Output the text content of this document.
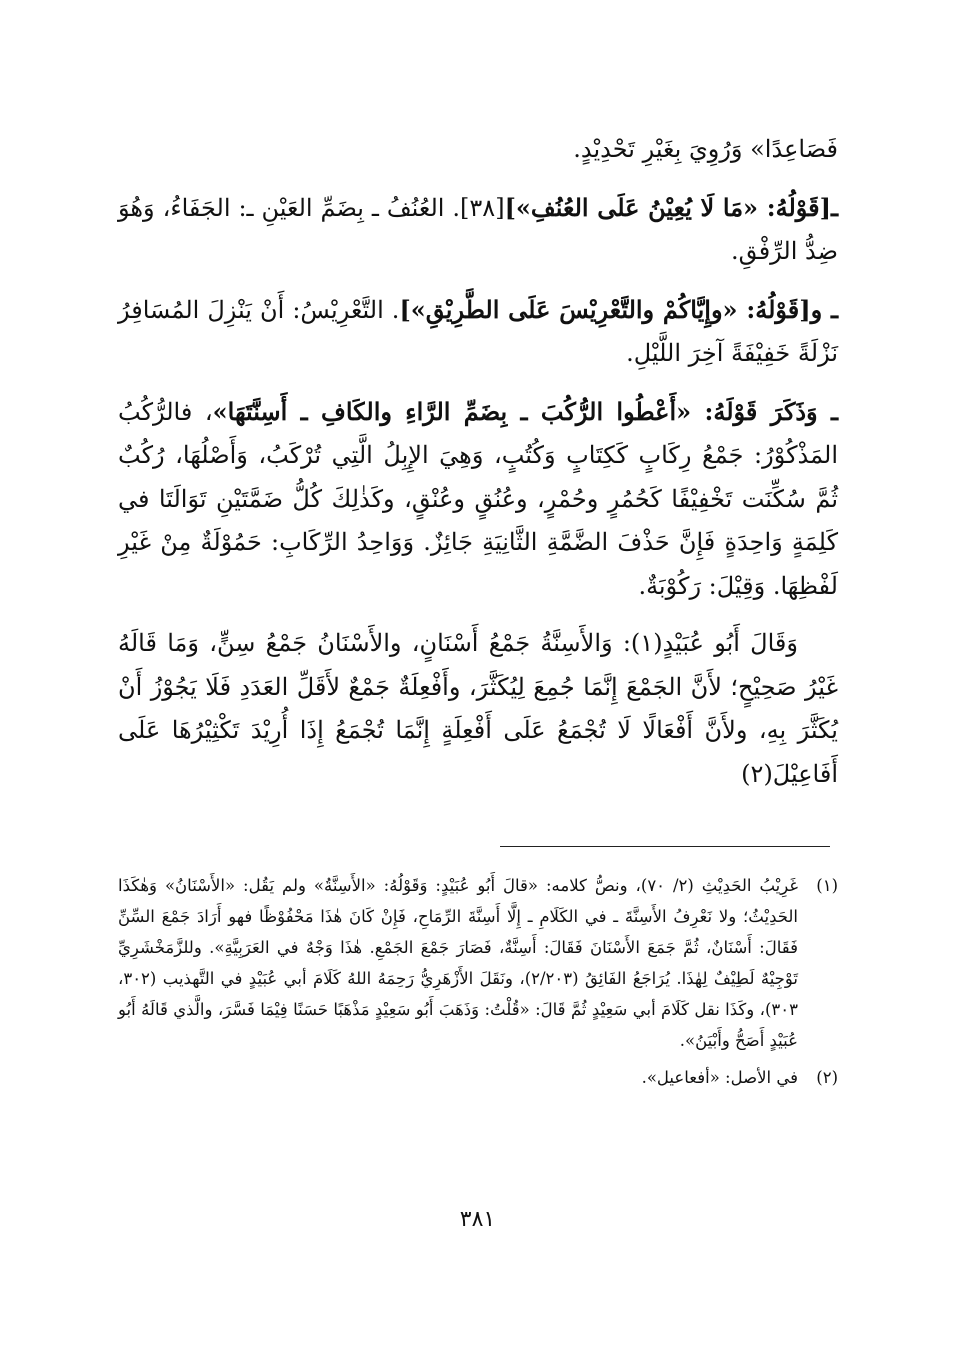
فَصَاعِدًا» وَرُوِيَ بِغَيْرِ تَحْدِيْدٍ.

ـ[قَوْلُهُ: «مَا لَا يُعِيْنُ عَلَى العُنُفِ»][٣٨]. العُنُفُ ـ بِضَمِّ العَيْنِ ـ: الجَفَاءُ، وَهُوَ ضِدُّ الرِّفْقِ.

ـ و[قَوْلُهُ: «وإِيَّاكُمْ والتَّعْرِيْسَ عَلَى الطَّرِيْقِ»]. التَّعْرِيْسُ: أَنْ يَنْزِلَ المُسَافِرُ نَزْلَةً خَفِيْفَةً آخِرَ اللَّيْلِ.

ـ وَذَكَرَ قَوْلَهُ: «أَعْطُوا الرُّكُبَ ـ بِضَمِّ الرَّاءِ والكَافِ ـ أَسِنَّتَهَا»، فالرُّكُبُ المَذْكُوْرُ: جَمْعُ رِكَابٍ كَكِتَابٍ وَكُتُبٍ، وَهِيَ الإِبِلُ الَّتِي تُرْكَبُ، وَأَصْلُهَا، رُكُبٌ ثُمَّ سُكِّنَت تَخْفِيْفًا كَحُمُرٍ وحُمْرٍ، وعُنُقٍ وعُنْقٍ، وكَذٰلِكَ كُلُّ ضَمَّتَيْنِ تَوَالَتَا في كَلِمَةٍ وَاحِدَةٍ فَإِنَّ حَذْفَ الضَّمَّةِ الثَّانِيَةِ جَائِزٌ. وَوَاحِدُ الرِّكَابِ: حَمُوْلَةٌ مِنْ غَيْرِ لَفْظِهَا. وَقِيْلَ: رَكُوْبَةٌ.

وَقَالَ أَبُو عُبَيْدٍ(١): وَالأَسِنَّةُ جَمْعُ أَسْنَانٍ، والأَسْنَانُ جَمْعُ سِنٍّ، وَمَا قَالَهُ غَيْرُ صَحِيْحٍ؛ لأَنَّ الجَمْعَ إِنَّمَا جُمِعَ لِيُكَثَّرَ، وأَفْعِلَةٌ جَمْعٌ لأَقَلِّ العَدَدِ فَلَا يَجُوْزُ أَنْ يُكَثَّرَ بِهِ، ولأَنَّ أَفْعَالًا لَا تُجْمَعُ عَلَى أَفْعِلَةٍ إِنَّمَا تُجْمَعُ إِذَا أُرِيْدَ تَكْثِيْرُهَا عَلَى أَفَاعِيْلَ(٢)

(١)
غَرِيْبُ الحَدِيْثِ (٢/ ٧٠)، ونصُّ كلامه: «قالَ أَبُو عُبَيْدٍ: وَقَوْلُهُ: «الأَسِنَّةُ» ولم يَقُل: «الأَسْنَانُ» وَهٰكَذَا الحَدِيْثُ؛ ولا نَعْرِفُ الأَسِنَّةَ ـ في الكَلَامِ ـ إِلَّا أَسِنَّةَ الرِّمَاحِ، فَإِنْ كَانَ هٰذَا مَحْفُوْظًا فهو أَرَادَ جَمْعَ السِّنِّ فَقَالَ: أَسْنَانٌ، ثُمَّ جَمَعَ الأَسْنَانَ فَقَالَ: أَسِنَّةٌ، فَصَارَ جَمْعَ الجَمْعِ. هٰذَا وَجْهٌ في العَرَبِيَّةِ». وللزَّمَخْشَرِيِّ تَوْجِيْهٌ لَطِيْفٌ لِهٰذَا. يُرَاجَعُ الفَائِقُ (٢/٢٠٣)، ونَقَلَ الأَزْهَرِيُّ رَحِمَهُ اللهُ كَلَامَ أبي عُبَيْدٍ في التَّهذيب (٣٠٢، ٣٠٣)، وكَذَا نقل كَلَامَ أبي سَعِيْدٍ ثُمَّ قَالَ: «قُلْتُ: وَذَهَبَ أَبُو سَعِيْدٍ مَذْهَبًا حَسَنًا فِيْمَا فَسَّرَ، والَّذي قَالَهُ أَبُو عُبَيْدٍ أَصَحُّ وأَبْيَنُ».
(٢)
في الأصل: «أفعاعيل».
٣٨١
